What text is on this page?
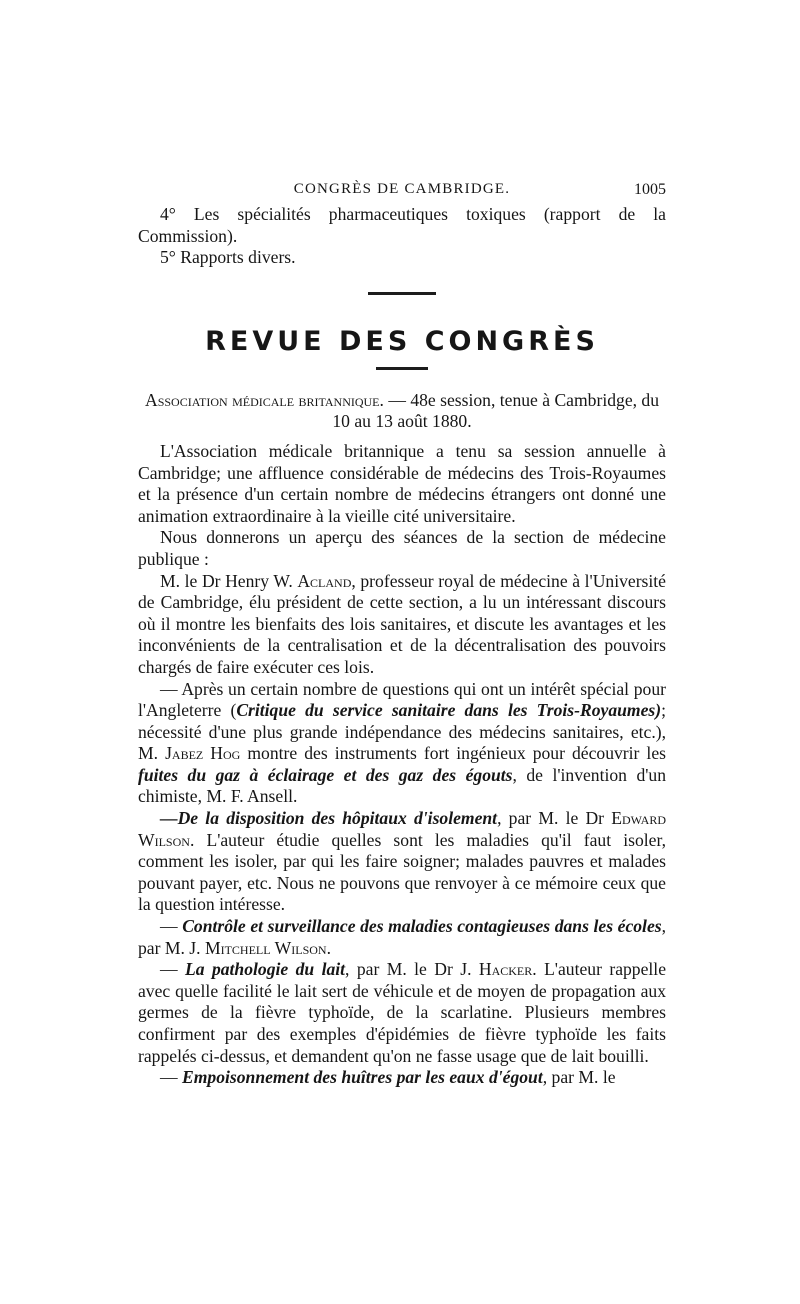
CONGRÈS DE CAMBRIDGE.	1005

4° Les spécialités pharmaceutiques toxiques (rapport de la Commission).

5° Rapports divers.

REVUE DES CONGRÈS

Association médicale britannique. — 48e session, tenue à Cambridge, du 10 au 13 août 1880.

L'Association médicale britannique a tenu sa session annuelle à Cambridge; une affluence considérable de médecins des Trois-Royaumes et la présence d'un certain nombre de médecins étrangers ont donné une animation extraordinaire à la vieille cité universitaire.

Nous donnerons un aperçu des séances de la section de médecine publique :

M. le Dr Henry W. Acland, professeur royal de médecine à l'Université de Cambridge, élu président de cette section, a lu un intéressant discours où il montre les bienfaits des lois sanitaires, et discute les avantages et les inconvénients de la centralisation et de la décentralisation des pouvoirs chargés de faire exécuter ces lois.

— Après un certain nombre de questions qui ont un intérêt spécial pour l'Angleterre (Critique du service sanitaire dans les Trois-Royaumes); nécessité d'une plus grande indépendance des médecins sanitaires, etc.), M. Jabez Hog montre des instruments fort ingénieux pour découvrir les fuites du gaz à éclairage et des gaz des égouts, de l'invention d'un chimiste, M. F. Ansell.

—De la disposition des hôpitaux d'isolement, par M. le Dr Edward Wilson. L'auteur étudie quelles sont les maladies qu'il faut isoler, comment les isoler, par qui les faire soigner; malades pauvres et malades pouvant payer, etc. Nous ne pouvons que renvoyer à ce mémoire ceux que la question intéresse.

— Contrôle et surveillance des maladies contagieuses dans les écoles, par M. J. Mitchell Wilson.

— La pathologie du lait, par M. le Dr J. Hacker. L'auteur rappelle avec quelle facilité le lait sert de véhicule et de moyen de propagation aux germes de la fièvre typhoïde, de la scarlatine. Plusieurs membres confirment par des exemples d'épidémies de fièvre typhoïde les faits rappelés ci-dessus, et demandent qu'on ne fasse usage que de lait bouilli.

— Empoisonnement des huîtres par les eaux d'égout, par M. le
